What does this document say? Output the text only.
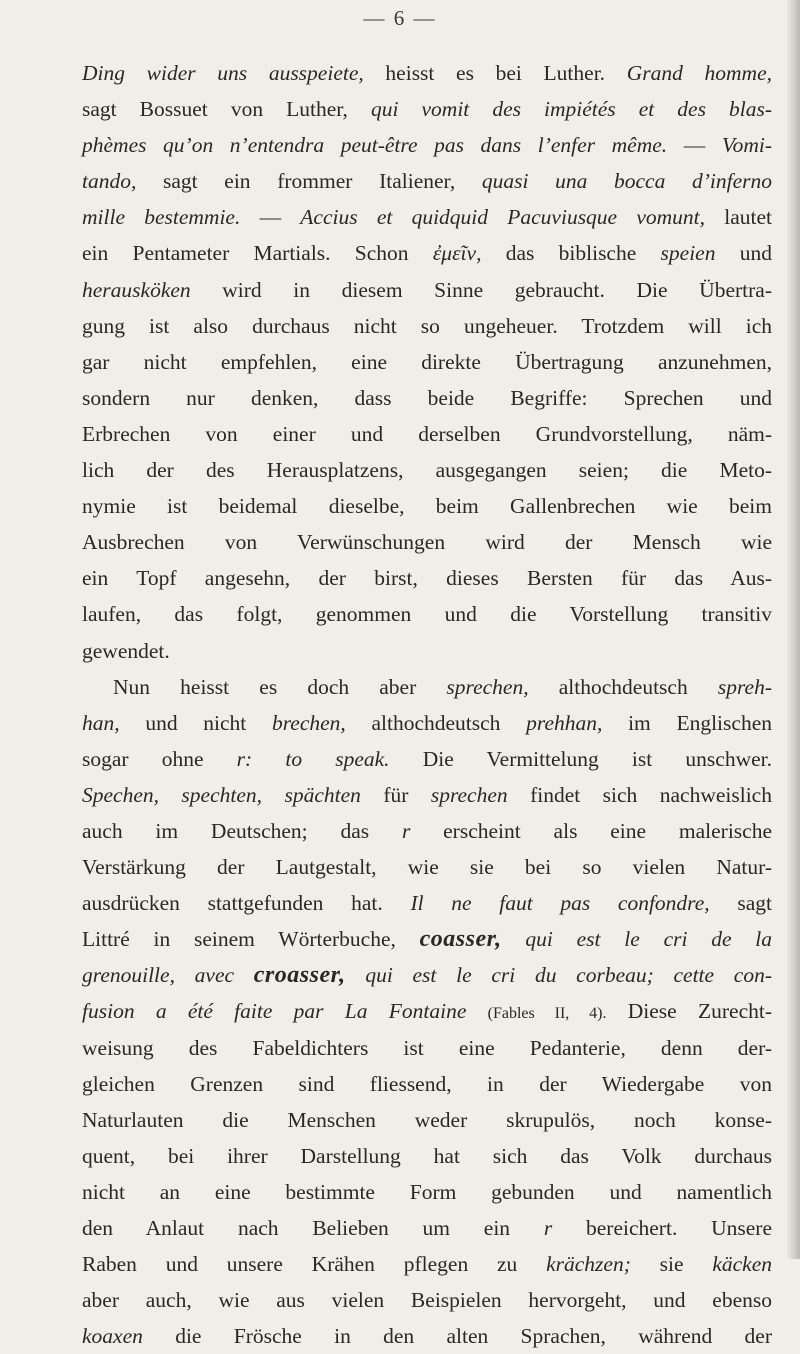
— 6 —
Ding wider uns ausspeiete, heisst es bei Luther. Grand homme,
sagt Bossuet von Luther, qui vomit des impiétés et des blas-
phèmes qu’on n’entendra peut-être pas dans l’enfer même. — Vomi-
tando, sagt ein frommer Italiener, quasi una bocca d’inferno
mille bestemmie. — Accius et quidquid Pacuviusque vomunt, lautet
ein Pentameter Martials. Schon ἐμεῖν, das biblische speien und
herausköken wird in diesem Sinne gebraucht. Die Übertra-
gung ist also durchaus nicht so ungeheuer. Trotzdem will ich
gar nicht empfehlen, eine direkte Übertragung anzunehmen,
sondern nur denken, dass beide Begriffe: Sprechen und
Erbrechen von einer und derselben Grundvorstellung, näm-
lich der des Herausplatzens, ausgegangen seien; die Meto-
nymie ist beidemal dieselbe, beim Gallenbrechen wie beim
Ausbrechen von Verwünschungen wird der Mensch wie
ein Topf angesehn, der birst, dieses Bersten für das Aus-
laufen, das folgt, genommen und die Vorstellung transitiv
gewendet.
Nun heisst es doch aber sprechen, althochdeutsch spreh-
han, und nicht brechen, althochdeutsch prehhan, im Englischen
sogar ohne r: to speak. Die Vermittelung ist unschwer.
Spechen, spechten, spächten für sprechen findet sich nachweislich
auch im Deutschen; das r erscheint als eine malerische
Verstärkung der Lautgestalt, wie sie bei so vielen Natur-
ausdrücken stattgefunden hat. Il ne faut pas confondre, sagt
Littré in seinem Wörterbuche, coasser, qui est le cri de la
grenouille, avec croasser, qui est le cri du corbeau; cette con-
fusion a été faite par La Fontaine (Fables II, 4). Diese Zurecht-
weisung des Fabeldichters ist eine Pedanterie, denn der-
gleichen Grenzen sind fliessend, in der Wiedergabe von
Naturlauten die Menschen weder skrupulös, noch konse-
quent, bei ihrer Darstellung hat sich das Volk durchaus
nicht an eine bestimmte Form gebunden und namentlich
den Anlaut nach Belieben um ein r bereichert. Unsere
Raben und unsere Krähen pflegen zu krächzen; sie käcken
aber auch, wie aus vielen Beispielen hervorgeht, und ebenso
koaxen die Frösche in den alten Sprachen, während der
